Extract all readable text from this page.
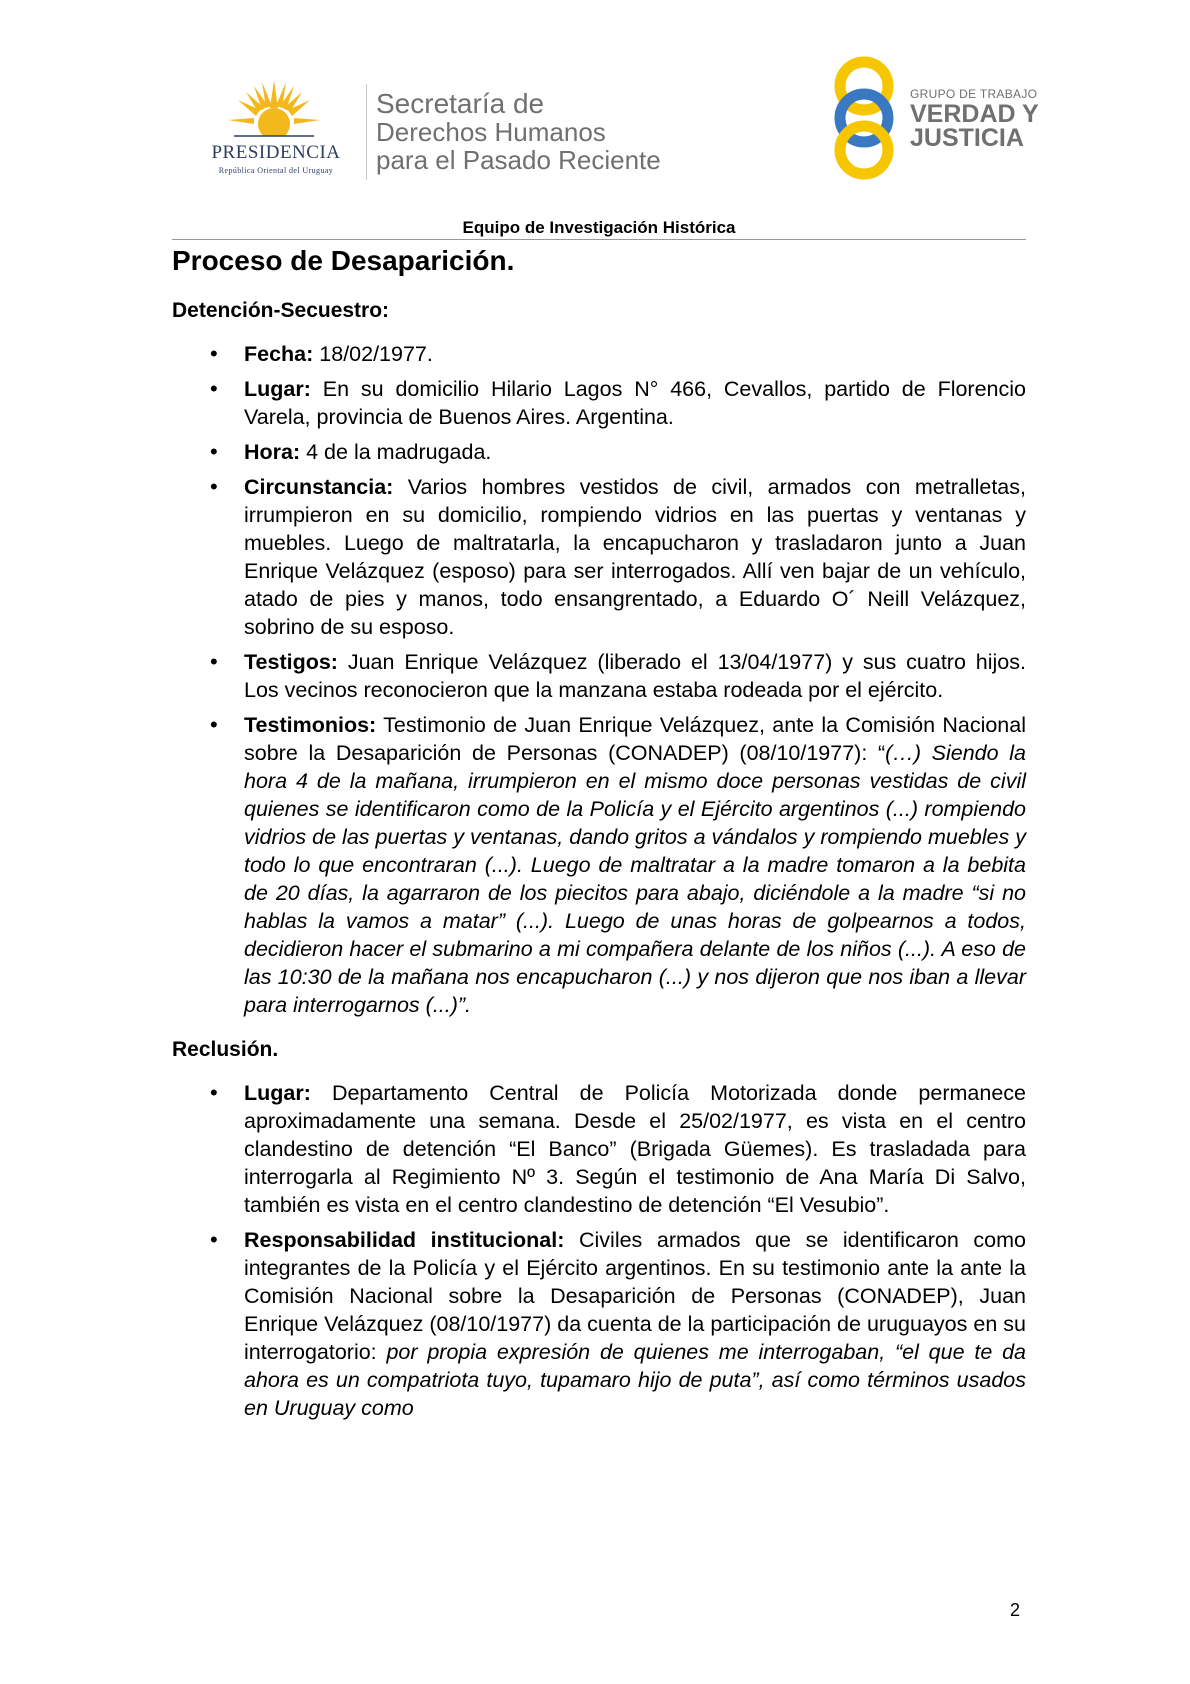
PRESIDENCIA
República Oriental del Uruguay
Secretaría de
Derechos Humanos
para el Pasado Reciente
GRUPO DE TRABAJO
VERDAD Y
JUSTICIA
Equipo de Investigación Histórica
Proceso de Desaparición.
Detención-Secuestro:
• Fecha: 18/02/1977.
• Lugar: En su domicilio Hilario Lagos N° 466, Cevallos, partido de Florencio Varela, provincia de Buenos Aires. Argentina.
• Hora: 4 de la madrugada.
• Circunstancia: Varios hombres vestidos de civil, armados con metralletas, irrumpieron en su domicilio, rompiendo vidrios en las puertas y ventanas y muebles. Luego de maltratarla, la encapucharon y trasladaron junto a Juan Enrique Velázquez (esposo) para ser interrogados. Allí ven bajar de un vehículo, atado de pies y manos, todo ensangrentado, a Eduardo O´ Neill Velázquez, sobrino de su esposo.
• Testigos: Juan Enrique Velázquez (liberado el 13/04/1977) y sus cuatro hijos. Los vecinos reconocieron que la manzana estaba rodeada por el ejército.
• Testimonios: Testimonio de Juan Enrique Velázquez, ante la Comisión Nacional sobre la Desaparición de Personas (CONADEP) (08/10/1977): “(…) Siendo la hora 4 de la mañana, irrumpieron en el mismo doce personas vestidas de civil quienes se identificaron como de la Policía y el Ejército argentinos (...) rompiendo vidrios de las puertas y ventanas, dando gritos a vándalos y rompiendo muebles y todo lo que encontraran (...). Luego de maltratar a la madre tomaron a la bebita de 20 días, la agarraron de los piecitos para abajo, diciéndole a la madre “si no hablas la vamos a matar” (...). Luego de unas horas de golpearnos a todos, decidieron hacer el submarino a mi compañera delante de los niños (...). A eso de las 10:30 de la mañana nos encapucharon (...) y nos dijeron que nos iban a llevar para interrogarnos (...)”.
Reclusión.
• Lugar: Departamento Central de Policía Motorizada donde permanece aproximadamente una semana. Desde el 25/02/1977, es vista en el centro clandestino de detención “El Banco” (Brigada Güemes). Es trasladada para interrogarla al Regimiento Nº 3. Según el testimonio de Ana María Di Salvo, también es vista en el centro clandestino de detención “El Vesubio”.
• Responsabilidad institucional: Civiles armados que se identificaron como integrantes de la Policía y el Ejército argentinos. En su testimonio ante la ante la Comisión Nacional sobre la Desaparición de Personas (CONADEP), Juan Enrique Velázquez (08/10/1977) da cuenta de la participación de uruguayos en su interrogatorio: por propia expresión de quienes me interrogaban, “el que te da ahora es un compatriota tuyo, tupamaro hijo de puta”, así como términos usados en Uruguay como
2
